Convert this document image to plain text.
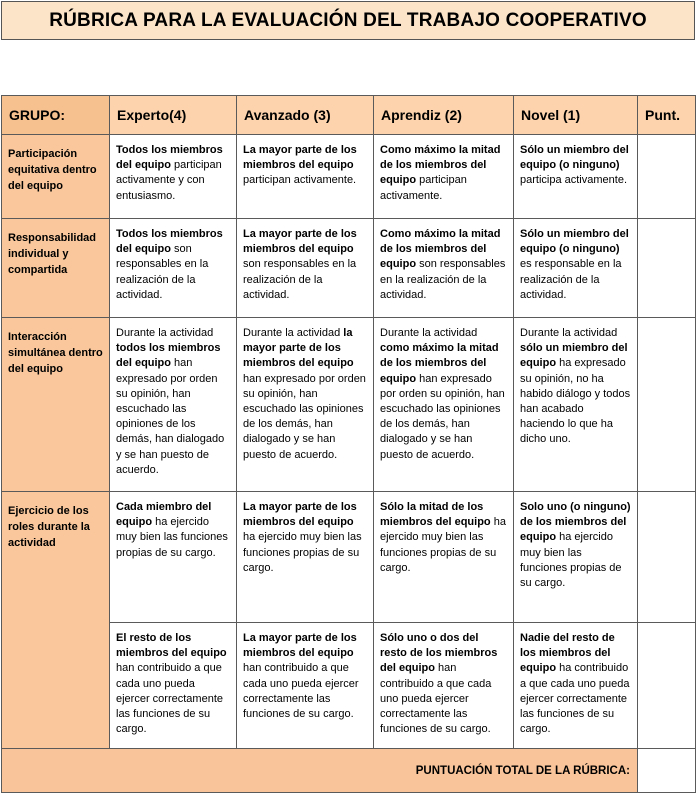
RÚBRICA PARA LA EVALUACIÓN DEL TRABAJO COOPERATIVO
GRUPO:	Experto(4)	Avanzado (3)	Aprendiz (2)	Novel (1)	Punt.

Participación equitativa dentro del equipo	Todos los miembros del equipo participan activamente y con entusiasmo.	La mayor parte de los miembros del equipo participan activamente.	Como máximo la mitad de los miembros del equipo participan activamente.	Sólo un miembro del equipo (o ninguno) participa activamente.	

Responsabilidad individual y compartida	Todos los miembros del equipo son responsables en la realización de la actividad.	La mayor parte de los miembros del equipo son responsables en la realización de la actividad.	Como máximo la mitad de los miembros del equipo son responsables en la realización de la actividad.	Sólo un miembro del equipo (o ninguno) es responsable en la realización de la actividad.	

Interacción simultánea dentro del equipo	Durante la actividad todos los miembros del equipo han expresado por orden su opinión, han escuchado las opiniones de los demás, han dialogado y se han puesto de acuerdo.	Durante la actividad la mayor parte de los miembros del equipo han expresado por orden su opinión, han escuchado las opiniones de los demás, han dialogado y se han puesto de acuerdo.	Durante la actividad como máximo la mitad de los miembros del equipo han expresado por orden su opinión, han escuchado las opiniones de los demás, han dialogado y se han puesto de acuerdo.	Durante la actividad sólo un miembro del equipo ha expresado su opinión, no ha habido diálogo y todos han acabado haciendo lo que ha dicho uno.	

Ejercicio de los roles durante la actividad	Cada miembro del equipo ha ejercido muy bien las funciones propias de su cargo.	La mayor parte de los miembros del equipo ha ejercido muy bien las funciones propias de su cargo.	Sólo la mitad de los miembros del equipo ha ejercido muy bien las funciones propias de su cargo.	Solo uno (o ninguno) de los miembros del equipo ha ejercido muy bien las funciones propias de su cargo.	

	El resto de los miembros del equipo han contribuido a que cada uno pueda ejercer correctamente las funciones de su cargo.	La mayor parte de los miembros del equipo han contribuido a que cada uno pueda ejercer correctamente las funciones de su cargo.	Sólo uno o dos del resto de los miembros del equipo han contribuido a que cada uno pueda ejercer correctamente las funciones de su cargo.	Nadie del resto de los miembros del equipo ha contribuido a que cada uno pueda ejercer correctamente las funciones de su cargo.	

PUNTUACIÓN TOTAL DE LA RÚBRICA:					
